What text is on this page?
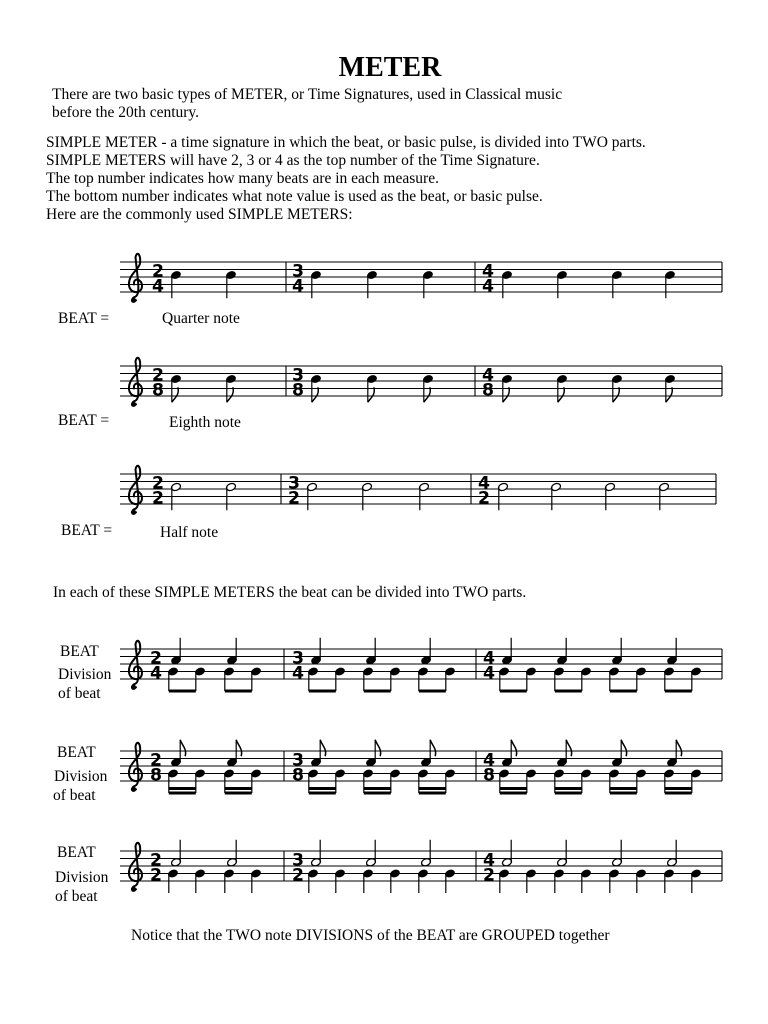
METER
There are two basic types of METER, or Time Signatures, used in Classical music
before the 20th century.
SIMPLE METER - a time signature in which the beat, or basic pulse, is divided into TWO parts.
SIMPLE METERS will have 2, 3 or 4 as the top number of the Time Signature.
The top number indicates how many beats are in each measure.
The bottom number indicates what note value is used as the beat, or basic pulse.
Here are the commonly used SIMPLE METERS:
2
4
3
4
4
4
BEAT =	Quarter note
2
8
3
8
4
8
BEAT =	Eighth note
2
2
3
2
4
2
BEAT =	Half note
In each of these SIMPLE METERS the beat can be divided into TWO parts.
2
4
3
4
4
4
BEAT
Division
of beat
2
8
3
8
4
8
BEAT
Division
of beat
2
2
3
2
4
2
BEAT
Division
of beat
Notice that the TWO note DIVISIONS of the BEAT are GROUPED together
